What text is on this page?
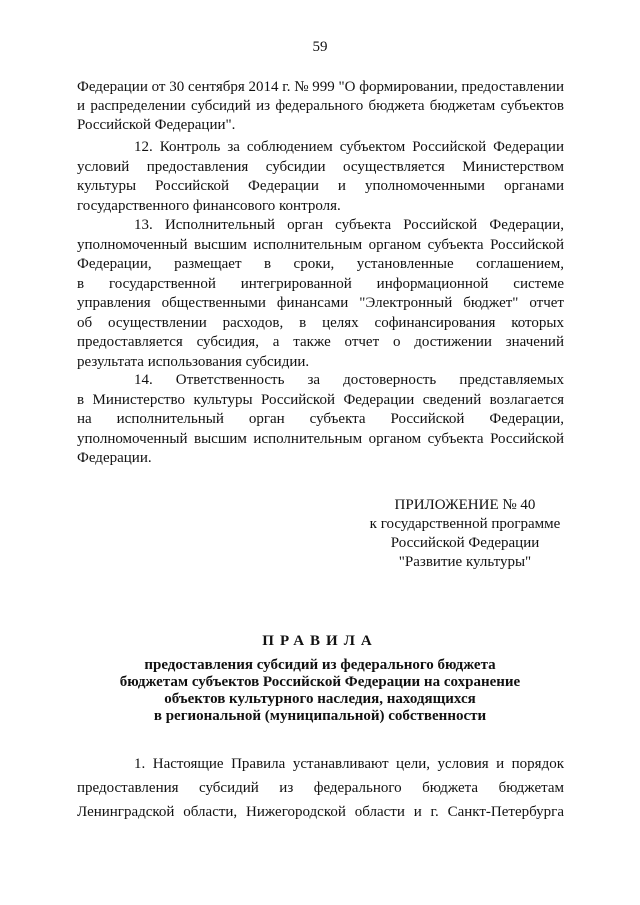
59
Федерации от 30 сентября 2014 г. № 999 "О формировании, предоставлении
и распределении субсидий из федерального бюджета бюджетам субъектов
Российской Федерации".
12. Контроль за соблюдением субъектом Российской Федерации
условий предоставления субсидии осуществляется Министерством
культуры Российской Федерации и уполномоченными органами
государственного финансового контроля.
13. Исполнительный орган субъекта Российской Федерации,
уполномоченный высшим исполнительным органом субъекта Российской
Федерации, размещает в сроки, установленные соглашением,
в государственной интегрированной информационной системе
управления общественными финансами "Электронный бюджет" отчет
об осуществлении расходов, в целях софинансирования которых
предоставляется субсидия, а также отчет о достижении значений
результата использования субсидии.
14. Ответственность за достоверность представляемых
в Министерство культуры Российской Федерации сведений возлагается
на исполнительный орган субъекта Российской Федерации,
уполномоченный высшим исполнительным органом субъекта Российской
Федерации.
ПРИЛОЖЕНИЕ № 40
к государственной программе
Российской Федерации
"Развитие культуры"
ПРАВИЛА
предоставления субсидий из федерального бюджета
бюджетам субъектов Российской Федерации на сохранение
объектов культурного наследия, находящихся
в региональной (муниципальной) собственности
1. Настоящие Правила устанавливают цели, условия и порядок
предоставления субсидий из федерального бюджета бюджетам
Ленинградской области, Нижегородской области и г. Санкт-Петербурга
